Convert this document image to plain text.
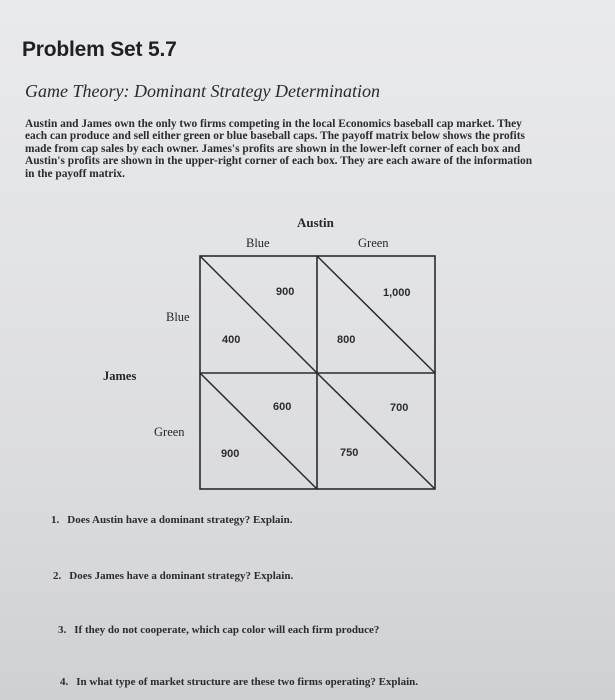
Problem Set 5.7
Game Theory: Dominant Strategy Determination
Austin and James own the only two firms competing in the local Economics baseball cap market. They
each can produce and sell either green or blue baseball caps. The payoff matrix below shows the profits
made from cap sales by each owner. James's profits are shown in the lower-left corner of each box and
Austin's profits are shown in the upper-right corner of each box. They are each aware of the information
in the payoff matrix.
Austin
Blue	Green
Blue
James
Green
900
400
1,000
800
600
900
700
750
1. Does Austin have a dominant strategy? Explain.
2. Does James have a dominant strategy? Explain.
3. If they do not cooperate, which cap color will each firm produce?
4. In what type of market structure are these two firms operating? Explain.
